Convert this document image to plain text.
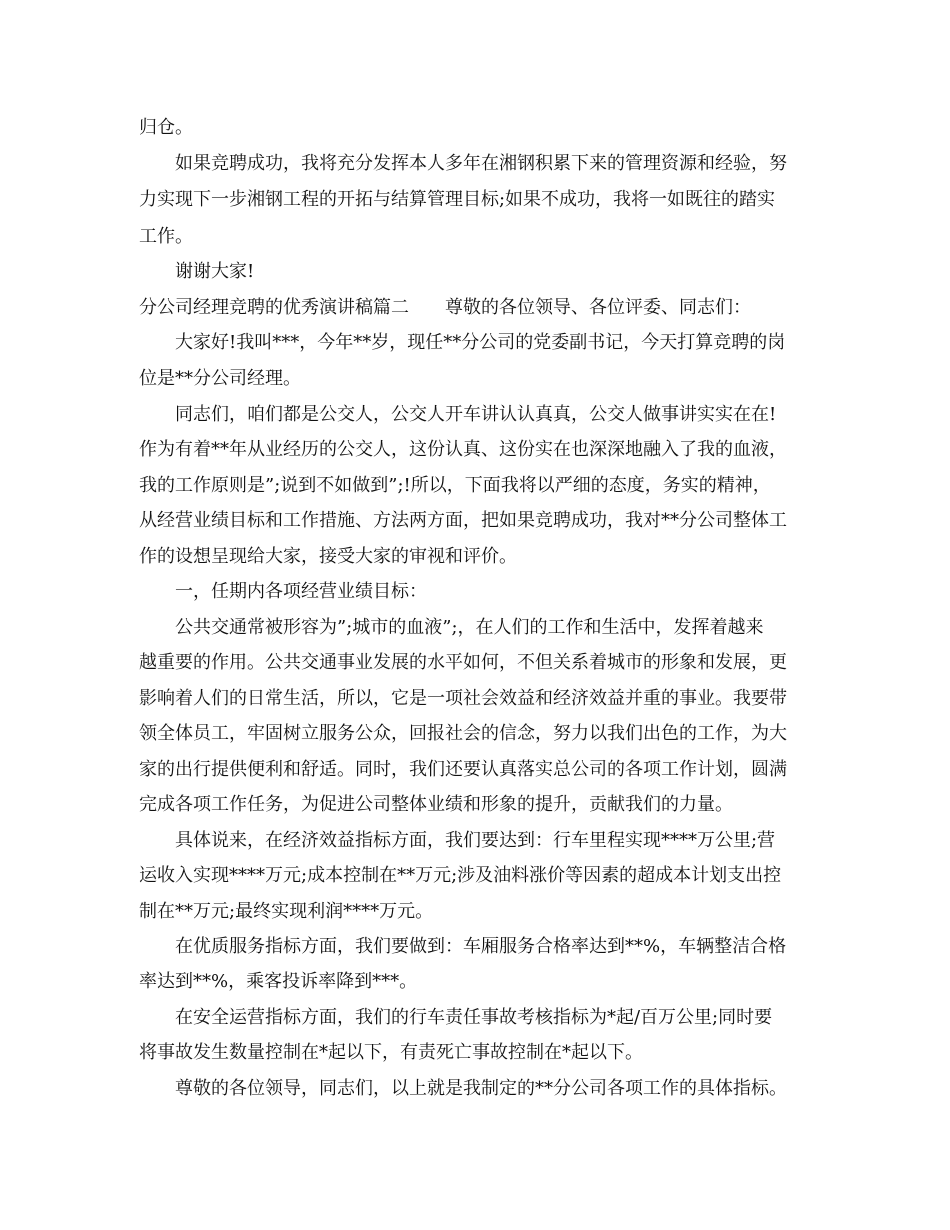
归仓。
如果竞聘成功，我将充分发挥本人多年在湘钢积累下来的管理资源和经验，努
力实现下一步湘钢工程的开拓与结算管理目标;如果不成功，我将一如既往的踏实
工作。
谢谢大家!
分公司经理竞聘的优秀演讲稿篇二　　尊敬的各位领导、各位评委、同志们：
大家好!我叫***，今年**岁，现任**分公司的党委副书记，今天打算竞聘的岗
位是**分公司经理。
同志们，咱们都是公交人，公交人开车讲认认真真，公交人做事讲实实在在!
作为有着**年从业经历的公交人，这份认真、这份实在也深深地融入了我的血液，
我的工作原则是”;说到不如做到”;!所以，下面我将以严细的态度，务实的精神，
从经营业绩目标和工作措施、方法两方面，把如果竞聘成功，我对**分公司整体工
作的设想呈现给大家，接受大家的审视和评价。
一，任期内各项经营业绩目标：
公共交通常被形容为”;城市的血液”;，在人们的工作和生活中，发挥着越来
越重要的作用。公共交通事业发展的水平如何，不但关系着城市的形象和发展，更
影响着人们的日常生活，所以，它是一项社会效益和经济效益并重的事业。我要带
领全体员工，牢固树立服务公众，回报社会的信念，努力以我们出色的工作，为大
家的出行提供便利和舒适。同时，我们还要认真落实总公司的各项工作计划，圆满
完成各项工作任务，为促进公司整体业绩和形象的提升，贡献我们的力量。
具体说来，在经济效益指标方面，我们要达到：行车里程实现****万公里;营
运收入实现****万元;成本控制在**万元;涉及油料涨价等因素的超成本计划支出控
制在**万元;最终实现利润****万元。
在优质服务指标方面，我们要做到：车厢服务合格率达到**%，车辆整洁合格
率达到**%，乘客投诉率降到***。
在安全运营指标方面，我们的行车责任事故考核指标为*起/百万公里;同时要
将事故发生数量控制在*起以下，有责死亡事故控制在*起以下。
尊敬的各位领导，同志们，以上就是我制定的**分公司各项工作的具体指标。
